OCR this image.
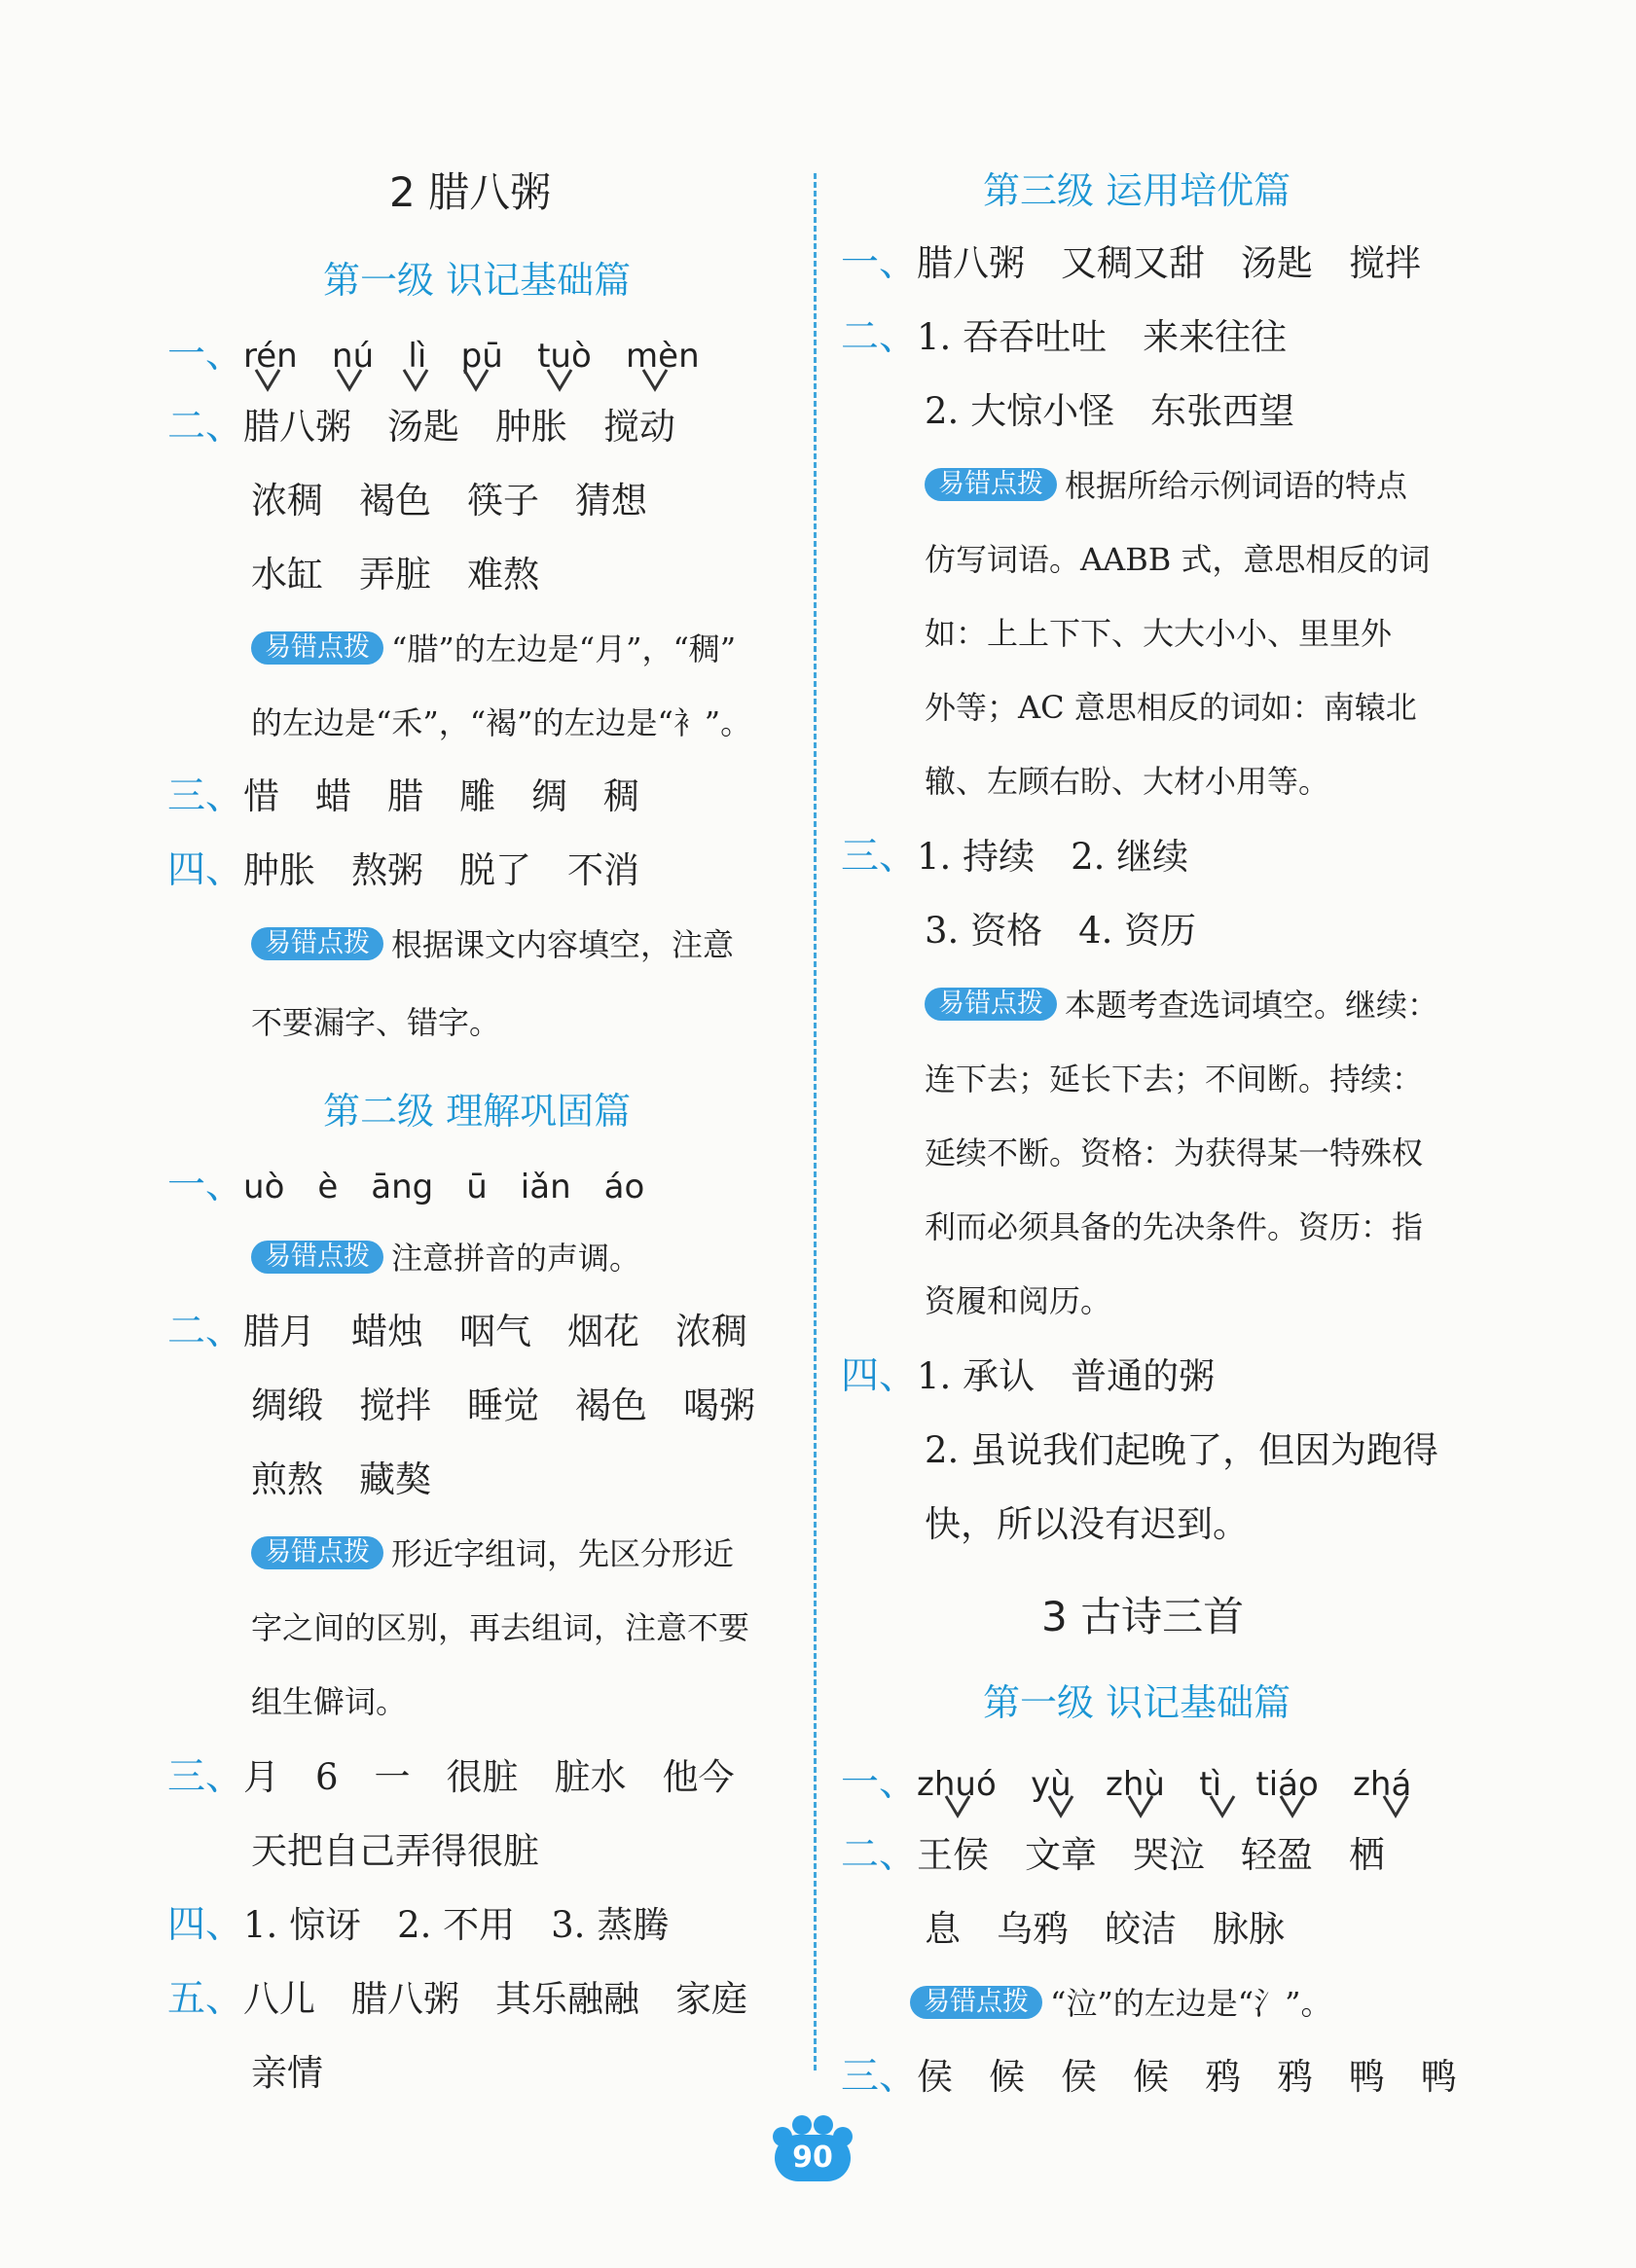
2 腊八粥
第一级 识记基础篇
一、rén nú lì pū tuò mèn
二、腊八粥　汤匙　肿胀　搅动
浓稠　褐色　筷子　猜想
水缸　弄脏　难熬
易错点拨 “腊”的左边是“月”，“稠”
的左边是“禾”，“褐”的左边是“衤”。
三、惜　蜡　腊　雕　绸　稠
四、肿胀　熬粥　脱了　不消
易错点拨 根据课文内容填空，注意
不要漏字、错字。
第二级 理解巩固篇
一、uò　è　āng　ū　iǎn　áo
易错点拨 注意拼音的声调。
二、腊月　蜡烛　咽气　烟花　浓稠
绸缎　搅拌　睡觉　褐色　喝粥
煎熬　藏獒
易错点拨 形近字组词，先区分形近
字之间的区别，再去组词，注意不要
组生僻词。
三、月　6　一　很脏　脏水　他今
天把自己弄得很脏
四、1. 惊讶　2. 不用　3. 蒸腾
五、八儿　腊八粥　其乐融融　家庭
亲情
第三级 运用培优篇
一、腊八粥　又稠又甜　汤匙　搅拌
二、1. 吞吞吐吐　来来往往
2. 大惊小怪　东张西望
易错点拨 根据所给示例词语的特点
仿写词语。AABB 式，意思相反的词
如：上上下下、大大小小、里里外
外等；AC 意思相反的词如：南辕北
辙、左顾右盼、大材小用等。
三、1. 持续　2. 继续
3. 资格　4. 资历
易错点拨 本题考查选词填空。继续：
连下去；延长下去；不间断。持续：
延续不断。资格：为获得某一特殊权
利而必须具备的先决条件。资历：指
资履和阅历。
四、1. 承认　普通的粥
2. 虽说我们起晚了，但因为跑得
快，所以没有迟到。
3 古诗三首
第一级 识记基础篇
一、zhuó yù zhù tì tiáo zhá
二、王侯　文章　哭泣　轻盈　栖
息　乌鸦　皎洁　脉脉
易错点拨 “泣”的左边是“氵”。
三、侯　候　侯　候　鸦　鸦　鸭　鸭
90
